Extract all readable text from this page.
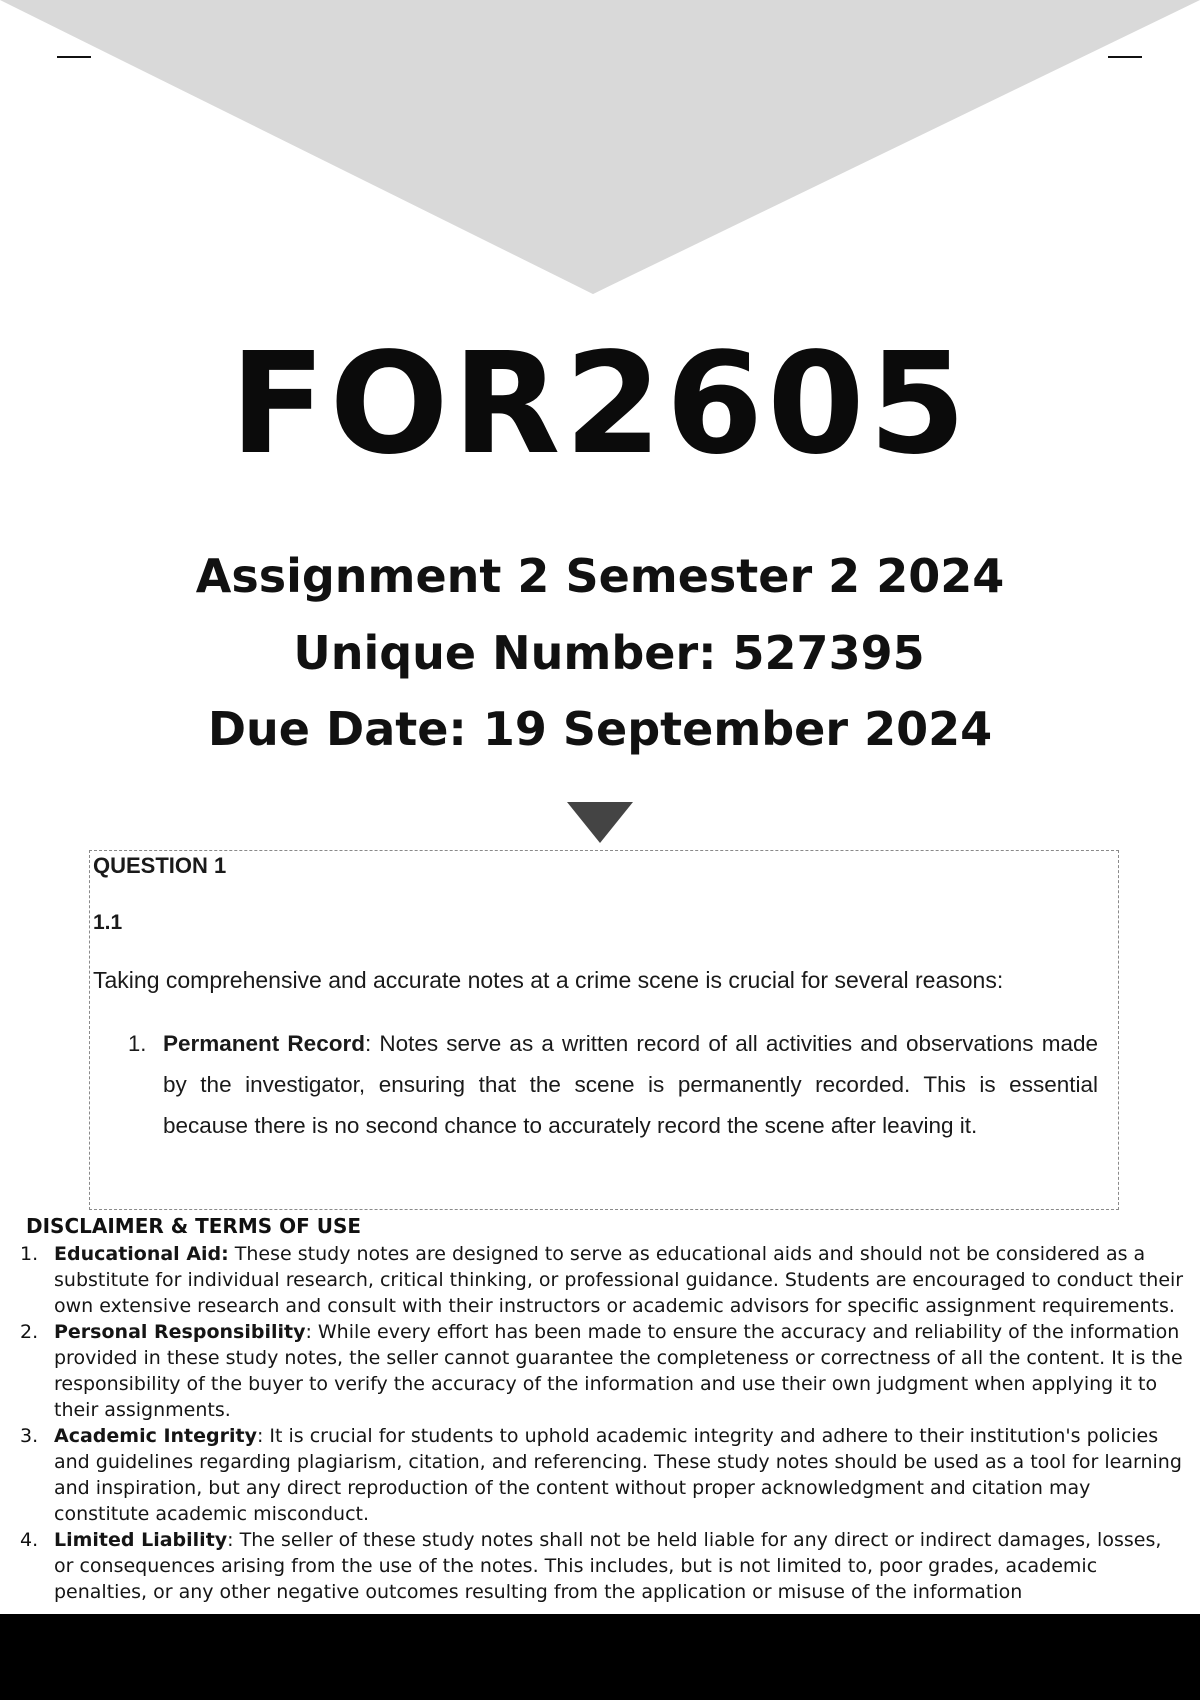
FOR2605
Assignment 2 Semester 2 2024
Unique Number: 527395
Due Date: 19 September 2024
QUESTION 1
1.1
Taking comprehensive and accurate notes at a crime scene is crucial for several reasons:
1. Permanent Record: Notes serve as a written record of all activities and observations made by the investigator, ensuring that the scene is permanently recorded. This is essential because there is no second chance to accurately record the scene after leaving it.
DISCLAIMER & TERMS OF USE
1. Educational Aid: These study notes are designed to serve as educational aids and should not be considered as a substitute for individual research, critical thinking, or professional guidance. Students are encouraged to conduct their own extensive research and consult with their instructors or academic advisors for specific assignment requirements.
2. Personal Responsibility: While every effort has been made to ensure the accuracy and reliability of the information provided in these study notes, the seller cannot guarantee the completeness or correctness of all the content. It is the responsibility of the buyer to verify the accuracy of the information and use their own judgment when applying it to their assignments.
3. Academic Integrity: It is crucial for students to uphold academic integrity and adhere to their institution's policies and guidelines regarding plagiarism, citation, and referencing. These study notes should be used as a tool for learning and inspiration, but any direct reproduction of the content without proper acknowledgment and citation may constitute academic misconduct.
4. Limited Liability: The seller of these study notes shall not be held liable for any direct or indirect damages, losses, or consequences arising from the use of the notes. This includes, but is not limited to, poor grades, academic penalties, or any other negative outcomes resulting from the application or misuse of the information
